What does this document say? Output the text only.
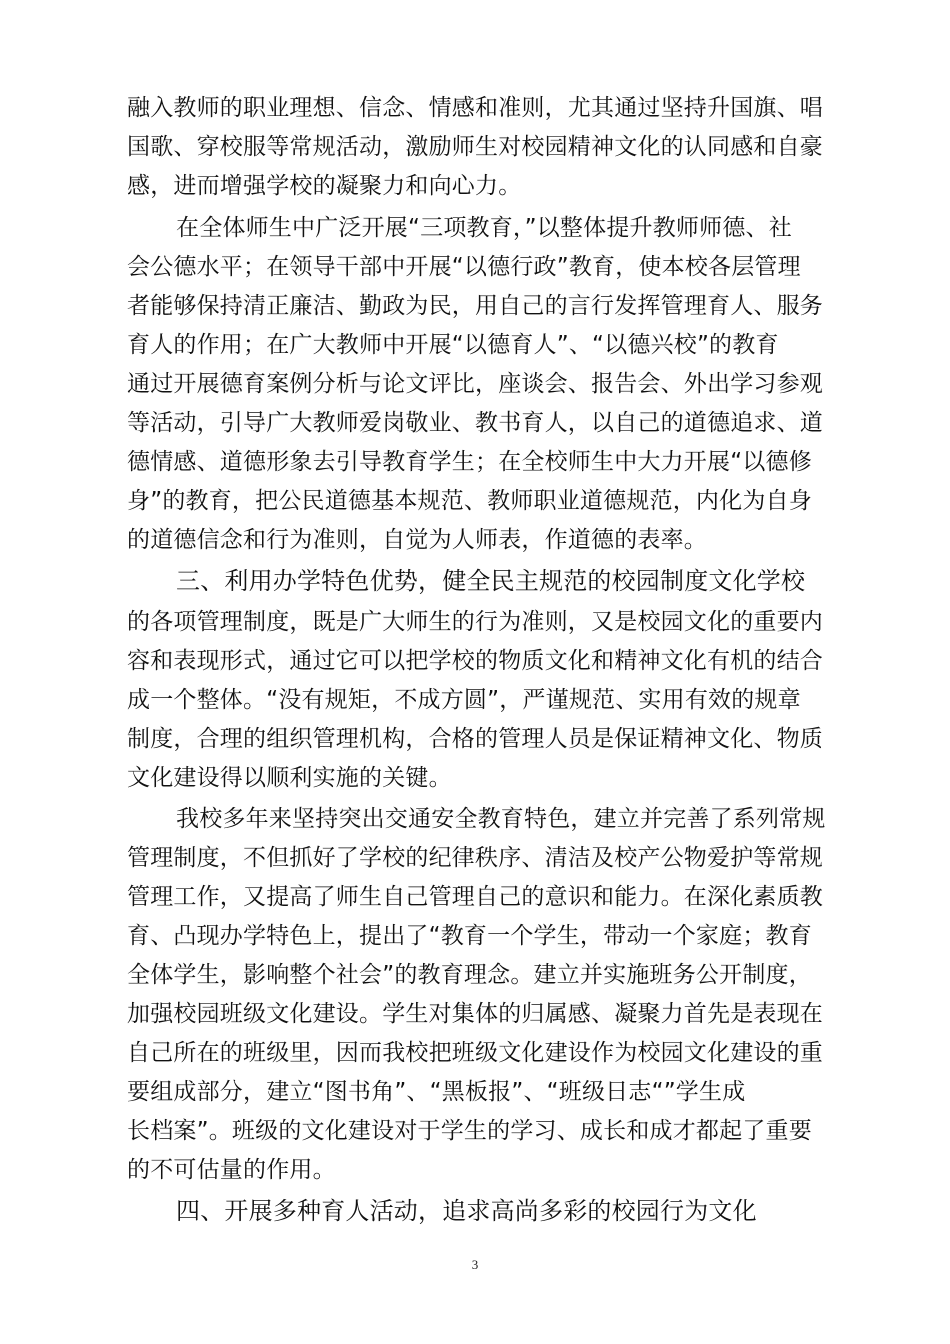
融入教师的职业理想、信念、情感和准则，尤其通过坚持升国旗、唱
国歌、穿校服等常规活动，激励师生对校园精神文化的认同感和自豪
感，进而增强学校的凝聚力和向心力。
在全体师生中广泛开展“三项教育，”以整体提升教师师德、社
会公德水平；在领导干部中开展“以德行政”教育，使本校各层管理
者能够保持清正廉洁、勤政为民，用自己的言行发挥管理育人、服务
育人的作用；在广大教师中开展“以德育人”、“以德兴校”的教育
通过开展德育案例分析与论文评比，座谈会、报告会、外出学习参观
等活动，引导广大教师爱岗敬业、教书育人，以自己的道德追求、道
德情感、道德形象去引导教育学生；在全校师生中大力开展“以德修
身”的教育，把公民道德基本规范、教师职业道德规范，内化为自身
的道德信念和行为准则，自觉为人师表，作道德的表率。
三、利用办学特色优势，健全民主规范的校园制度文化学校
的各项管理制度，既是广大师生的行为准则，又是校园文化的重要内
容和表现形式，通过它可以把学校的物质文化和精神文化有机的结合
成一个整体。“没有规矩，不成方圆”，严谨规范、实用有效的规章
制度，合理的组织管理机构，合格的管理人员是保证精神文化、物质
文化建设得以顺利实施的关键。
我校多年来坚持突出交通安全教育特色，建立并完善了系列常规
管理制度，不但抓好了学校的纪律秩序、清洁及校产公物爱护等常规
管理工作，又提高了师生自己管理自己的意识和能力。在深化素质教
育、凸现办学特色上，提出了“教育一个学生，带动一个家庭；教育
全体学生，影响整个社会”的教育理念。建立并实施班务公开制度，
加强校园班级文化建设。学生对集体的归属感、凝聚力首先是表现在
自己所在的班级里，因而我校把班级文化建设作为校园文化建设的重
要组成部分，建立“图书角”、“黑板报”、“班级日志“”学生成
长档案”。班级的文化建设对于学生的学习、成长和成才都起了重要
的不可估量的作用。
四、开展多种育人活动，追求高尚多彩的校园行为文化
3
